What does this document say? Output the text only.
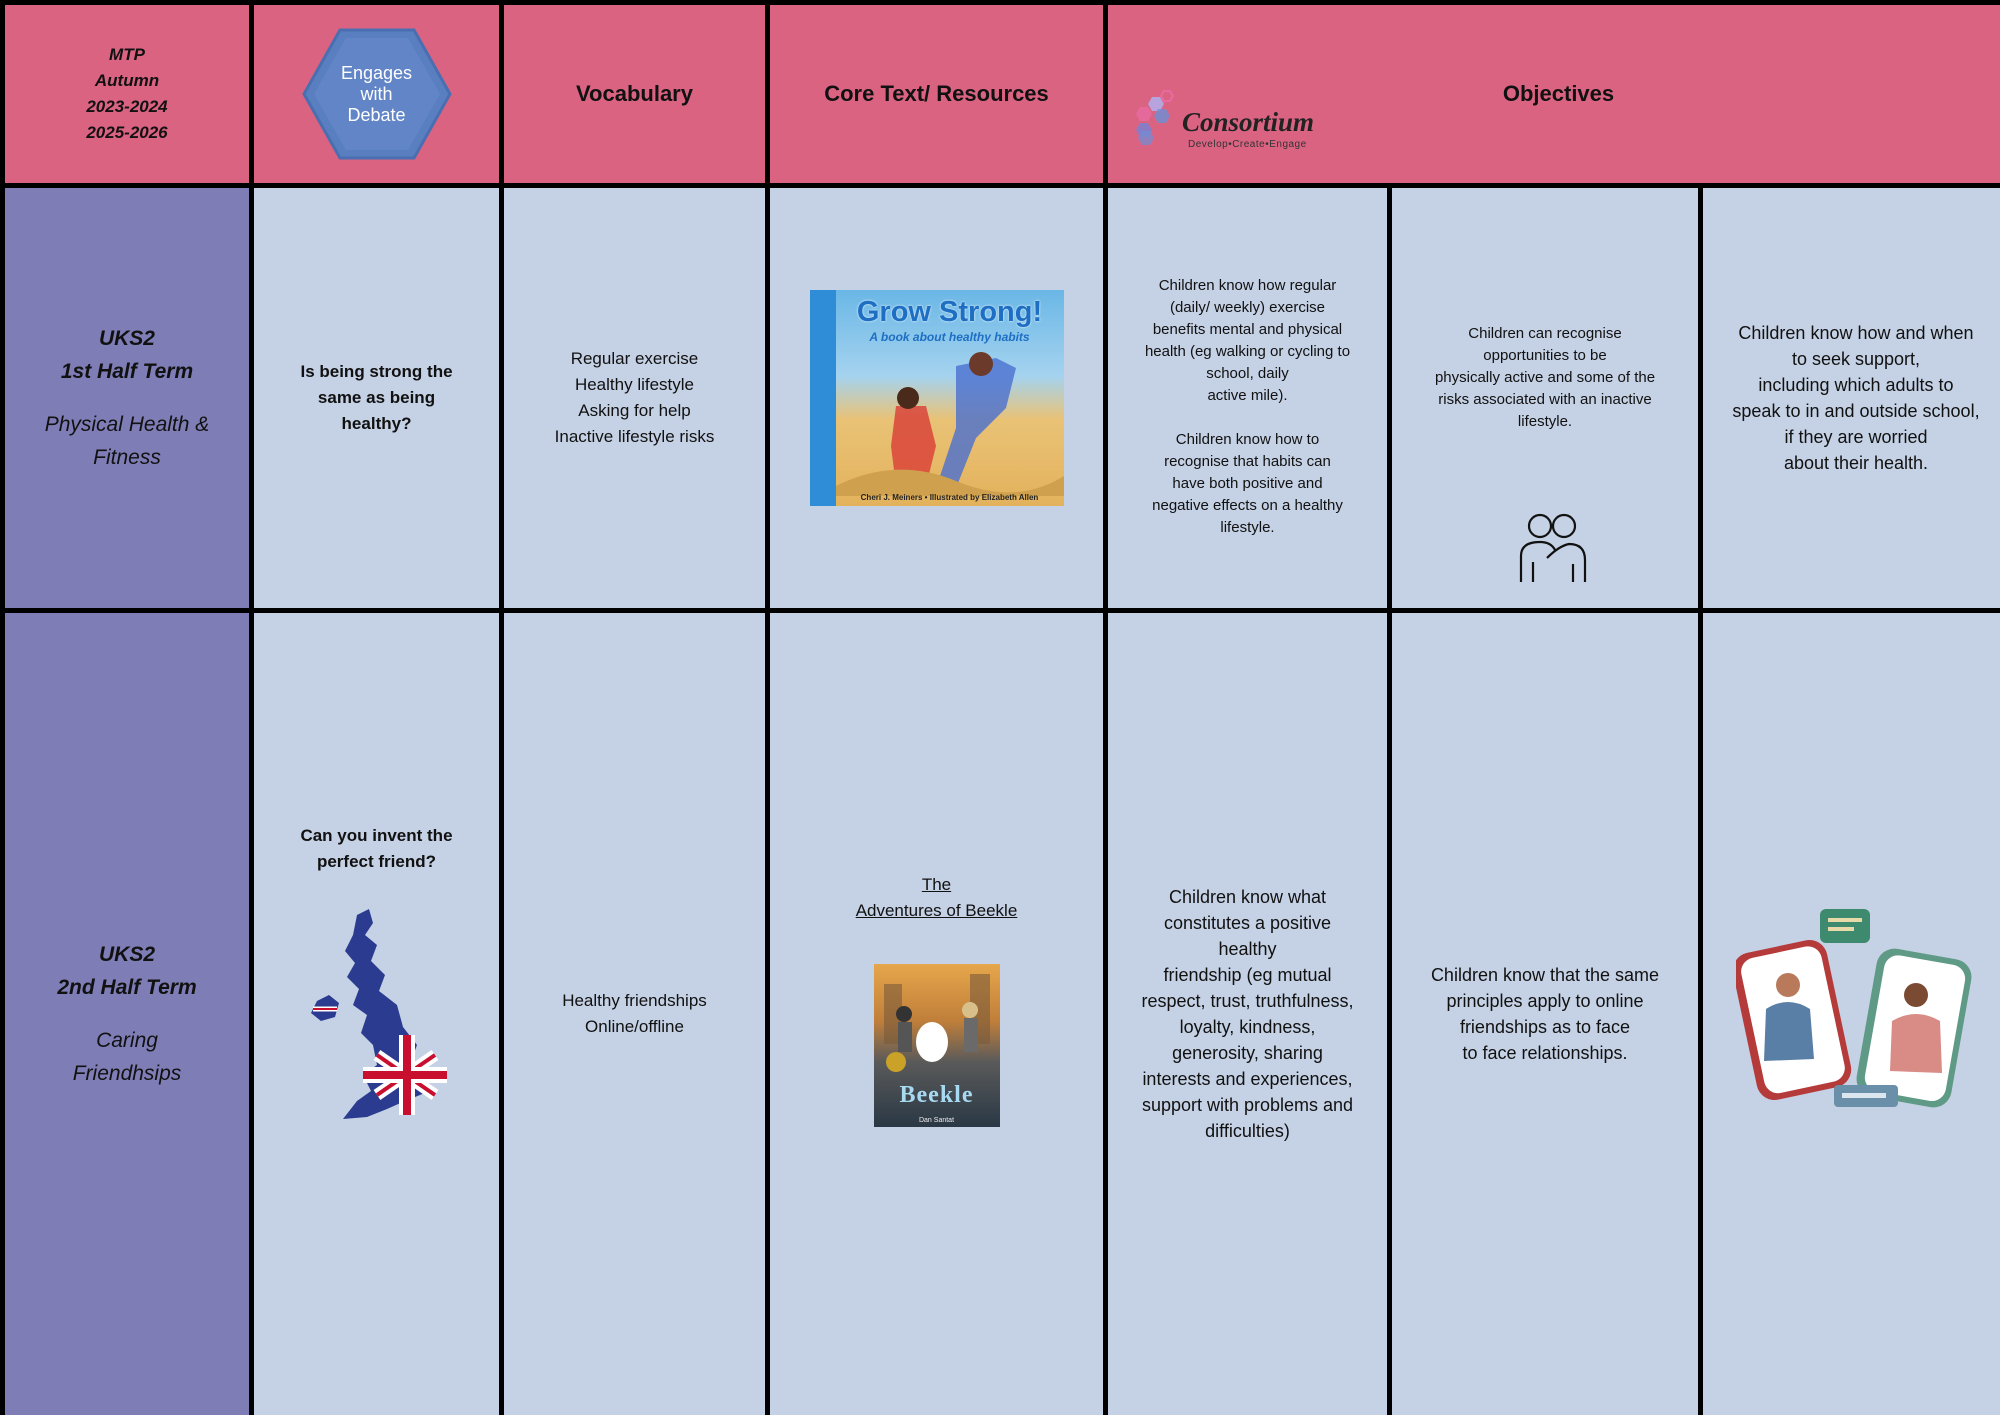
MTP
Autumn
2023-2024
2025-2026
Engages
with
Debate
Vocabulary	Core Text/ Resources
Consortium
Develop•Create•Engage
Objectives
UKS2
1st Half Term
Physical Health &
Fitness
Is being strong the
same as being
healthy?
Regular exercise
Healthy lifestyle
Asking for help
Inactive lifestyle risks
Grow Strong!
A book about healthy habits
Cheri J. Meiners • Illustrated by Elizabeth Allen
Children know how regular
(daily/ weekly) exercise
benefits mental and physical
health (eg walking or cycling to
school, daily
active mile).

Children know how to
recognise that habits can
have both positive and
negative effects on a healthy
lifestyle.
Children can recognise
opportunities to be
physically active and some of the
risks associated with an inactive
lifestyle.
Children know how and when
to seek support,
including which adults to
speak to in and outside school,
if they are worried
about their health.
UKS2
2nd Half Term
Caring
Friendhsips
Can you invent the
perfect friend?
Healthy friendships
Online/offline
The
Adventures of Beekle
Beekle
Dan Santat
Children know what
constitutes a positive
healthy
friendship (eg mutual
respect, trust, truthfulness,
loyalty, kindness,
generosity, sharing
interests and experiences,
support with problems and
difficulties)
Children know that the same
principles apply to online
friendships as to face
to face relationships.
